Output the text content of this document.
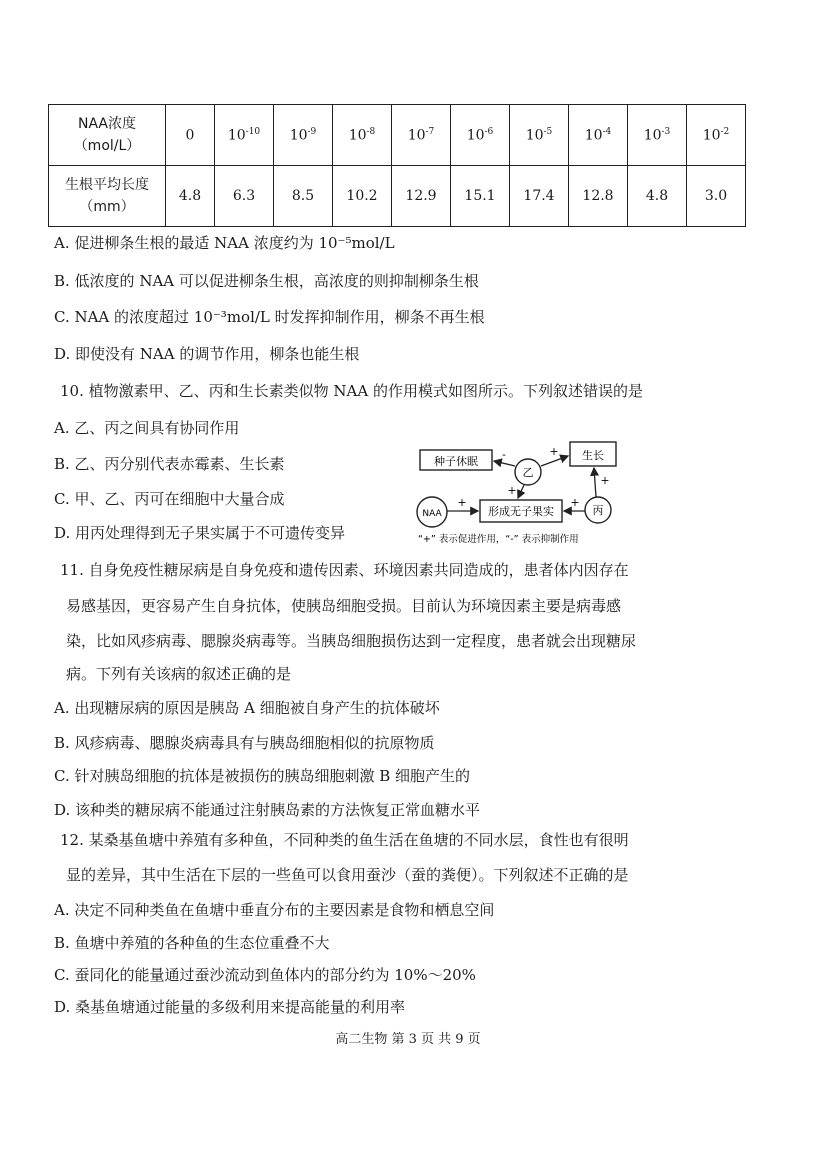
NAA浓度
（mol/L）	0	$10^{-10}$	$10^{-9}$	$10^{-8}$	$10^{-7}$	$10^{-6}$	$10^{-5}$	$10^{-4}$	$10^{-3}$	$10^{-2}$

生根平均长度
（mm）	4.8	6.3	8.5	10.2	12.9	15.1	17.4	12.8	4.8	3.0
A. 促进柳条生根的最适 NAA 浓度约为 10⁻⁵mol/L
B. 低浓度的 NAA 可以促进柳条生根，高浓度的则抑制柳条生根
C. NAA 的浓度超过 10⁻³mol/L 时发挥抑制作用，柳条不再生根
D. 即使没有 NAA 的调节作用，柳条也能生根
10. 植物激素甲、乙、丙和生长素类似物 NAA 的作用模式如图所示。下列叙述错误的是
A. 乙、丙之间具有协同作用
B. 乙、丙分别代表赤霉素、生长素
C. 甲、乙、丙可在细胞中大量合成
D. 用丙处理得到无子果实属于不可遗传变异
种子休眠	生长
形成无子果实
乙
NAA	丙
-	+
+
+	+
+
“+” 表示促进作用，“-” 表示抑制作用
11. 自身免疫性糖尿病是自身免疫和遗传因素、环境因素共同造成的，患者体内因存在
易感基因，更容易产生自身抗体，使胰岛细胞受损。目前认为环境因素主要是病毒感
染，比如风疹病毒、腮腺炎病毒等。当胰岛细胞损伤达到一定程度，患者就会出现糖尿
病。下列有关该病的叙述正确的是
A. 出现糖尿病的原因是胰岛 A 细胞被自身产生的抗体破坏
B. 风疹病毒、腮腺炎病毒具有与胰岛细胞相似的抗原物质
C. 针对胰岛细胞的抗体是被损伤的胰岛细胞刺激 B 细胞产生的
D. 该种类的糖尿病不能通过注射胰岛素的方法恢复正常血糖水平
12. 某桑基鱼塘中养殖有多种鱼，不同种类的鱼生活在鱼塘的不同水层，食性也有很明
显的差异，其中生活在下层的一些鱼可以食用蚕沙（蚕的粪便）。下列叙述不正确的是
A. 决定不同种类鱼在鱼塘中垂直分布的主要因素是食物和栖息空间
B. 鱼塘中养殖的各种鱼的生态位重叠不大
C. 蚕同化的能量通过蚕沙流动到鱼体内的部分约为 10%～20%
D. 桑基鱼塘通过能量的多级利用来提高能量的利用率
高二生物 第 3 页 共 9 页
